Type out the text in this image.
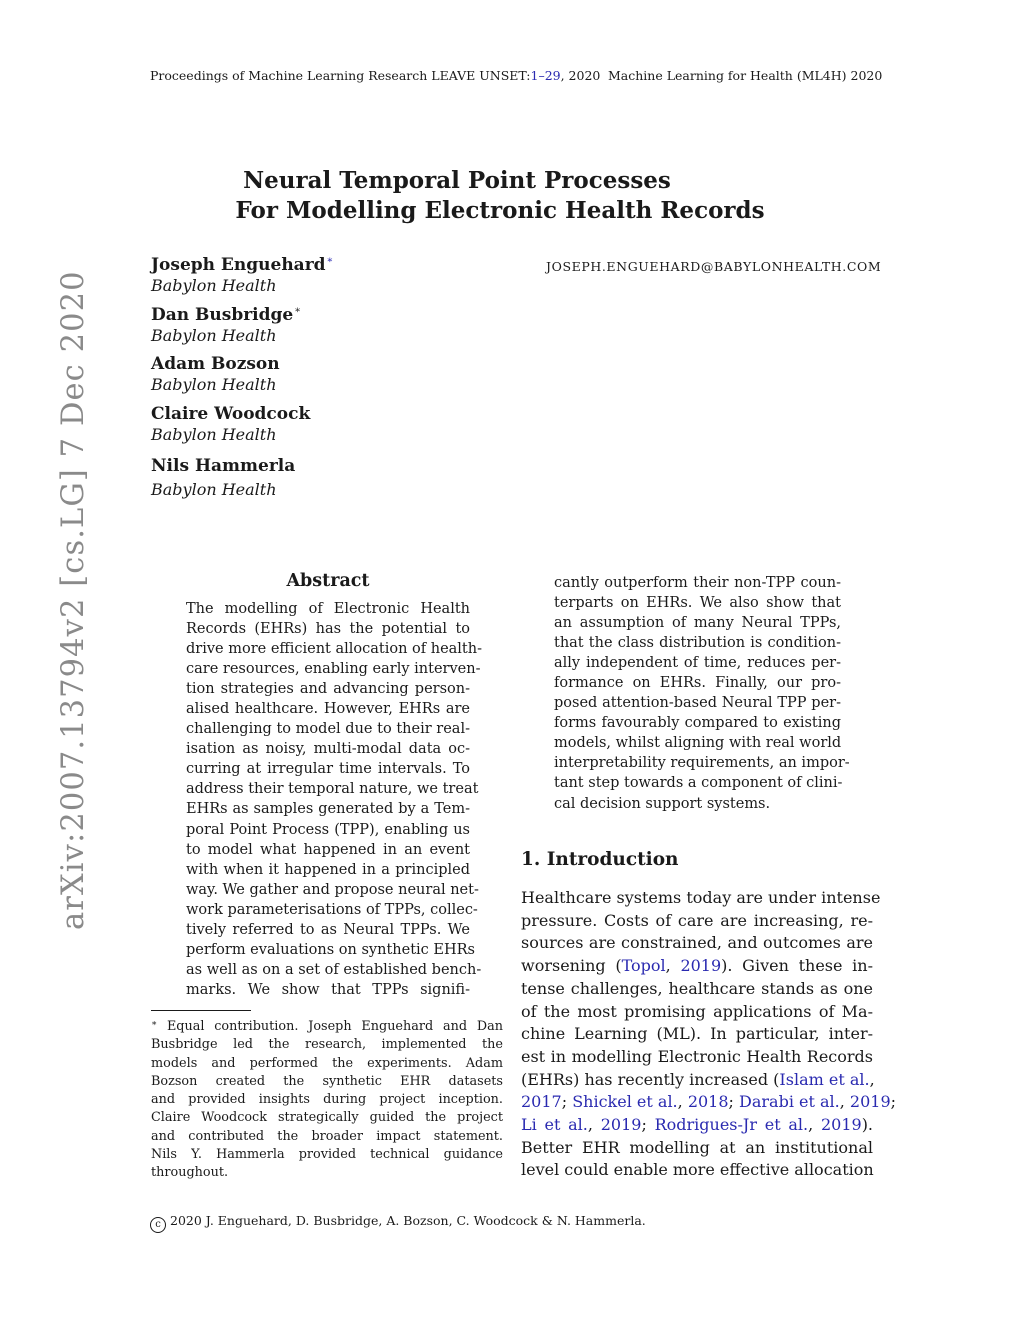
Proceedings of Machine Learning Research LEAVE UNSET:1–29, 2020 Machine Learning for Health (ML4H) 2020
Neural Temporal Point Processes
For Modelling Electronic Health Records
Joseph Enguehard∗
Babylon Health
JOSEPH.ENGUEHARD@BABYLONHEALTH.COM
Dan Busbridge∗
Babylon Health
Adam Bozson
Babylon Health
Claire Woodcock
Babylon Health
Nils Hammerla
Babylon Health
arXiv:2007.13794v2 [cs.LG] 7 Dec 2020	Abstract
The modelling of Electronic Health
Records (EHRs) has the potential to
drive more efficient allocation of health-
care resources, enabling early interven-
tion strategies and advancing person-
alised healthcare. However, EHRs are
challenging to model due to their real-
isation as noisy, multi-modal data oc-
curring at irregular time intervals. To
address their temporal nature, we treat
EHRs as samples generated by a Tem-
poral Point Process (TPP), enabling us
to model what happened in an event
with when it happened in a principled
way. We gather and propose neural net-
work parameterisations of TPPs, collec-
tively referred to as Neural TPPs. We
perform evaluations on synthetic EHRs
as well as on a set of established bench-
marks. We show that TPPs signifi-
cantly outperform their non-TPP coun-
terparts on EHRs. We also show that
an assumption of many Neural TPPs,
that the class distribution is condition-
ally independent of time, reduces per-
formance on EHRs. Finally, our pro-
posed attention-based Neural TPP per-
forms favourably compared to existing
models, whilst aligning with real world
interpretability requirements, an impor-
tant step towards a component of clini-
cal decision support systems.
∗ Equal contribution. Joseph Enguehard and Dan
Busbridge led the research, implemented the
models and performed the experiments. Adam
Bozson created the synthetic EHR datasets
and provided insights during project inception.
Claire Woodcock strategically guided the project
and contributed the broader impact statement.
Nils Y. Hammerla provided technical guidance
throughout.
1. Introduction
Healthcare systems today are under intense
pressure. Costs of care are increasing, re-
sources are constrained, and outcomes are
worsening (Topol, 2019). Given these in-
tense challenges, healthcare stands as one
of the most promising applications of Ma-
chine Learning (ML). In particular, inter-
est in modelling Electronic Health Records
(EHRs) has recently increased (Islam et al.,
2017; Shickel et al., 2018; Darabi et al., 2019;
Li et al., 2019; Rodrigues-Jr et al., 2019).
Better EHR modelling at an institutional
level could enable more effective allocation
c 2020 J. Enguehard, D. Busbridge, A. Bozson, C. Woodcock & N. Hammerla.
